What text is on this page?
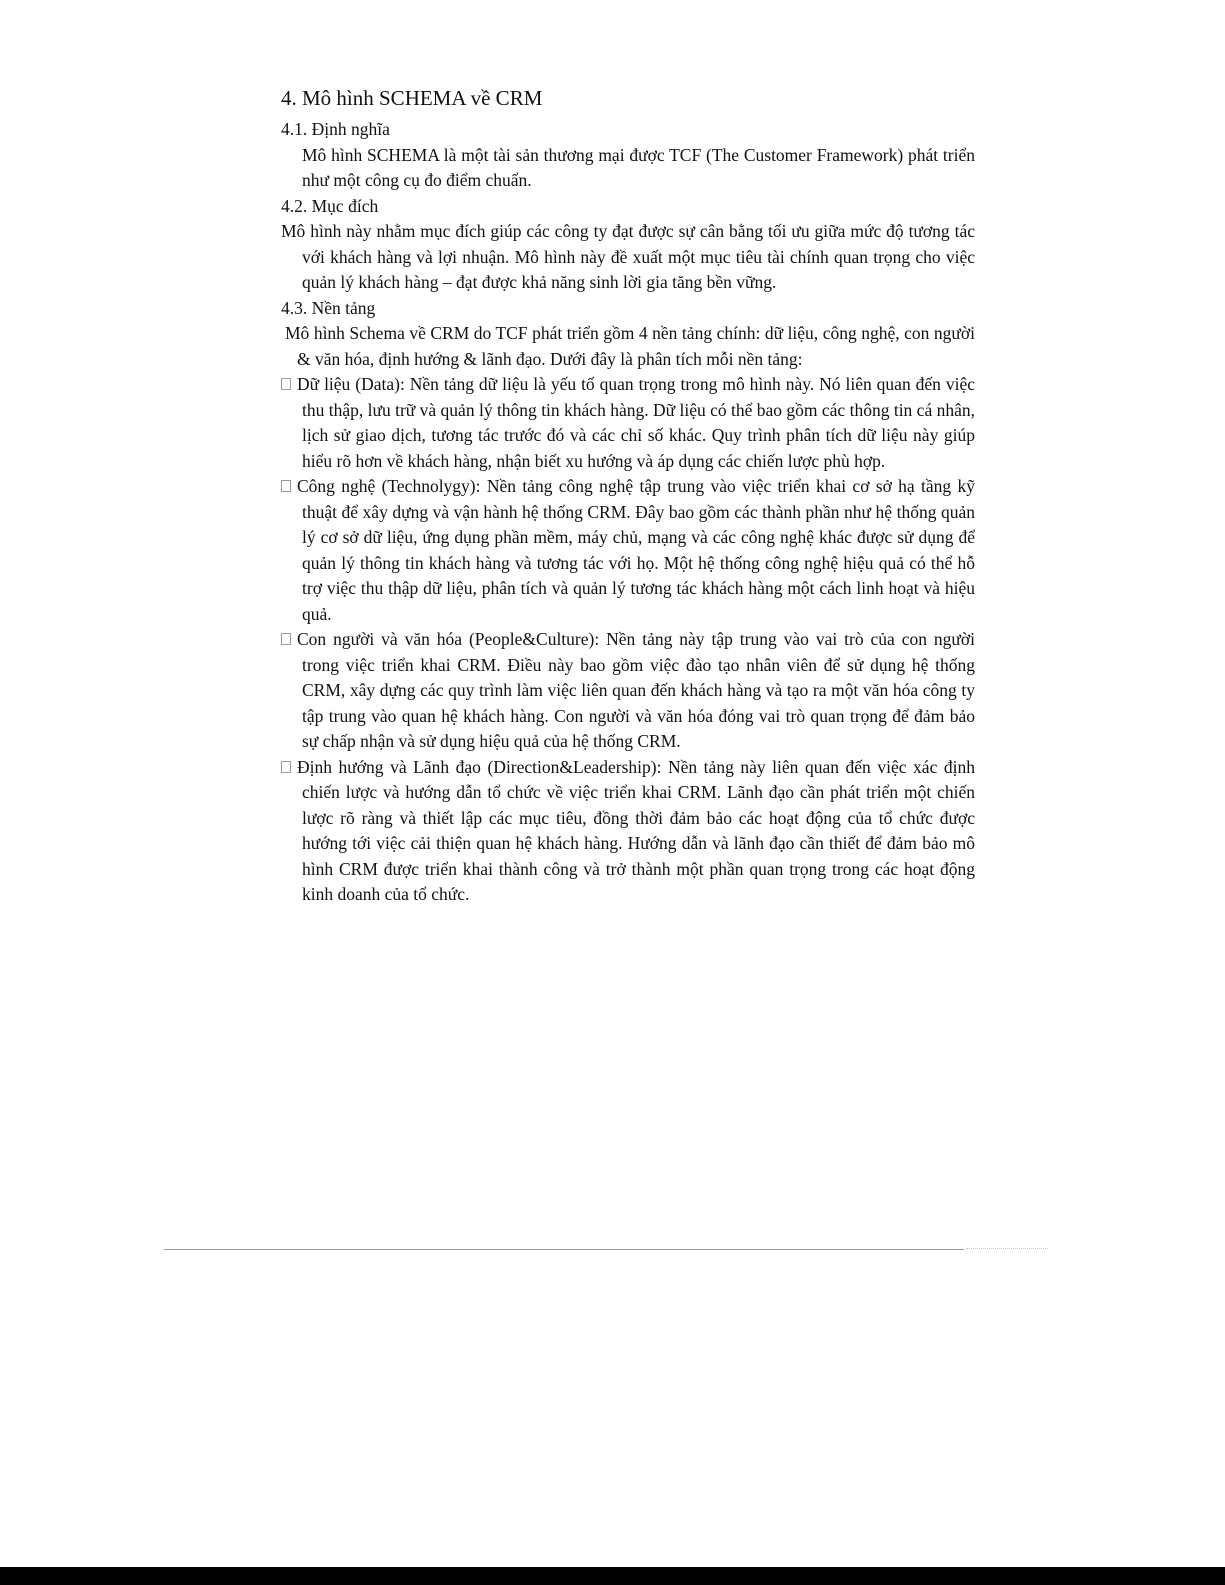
4. Mô hình SCHEMA về CRM
4.1. Định nghĩa

Mô hình SCHEMA là một tài sản thương mại được TCF (The Customer Framework) phát triển như một công cụ đo điểm chuẩn.

4.2. Mục đích

Mô hình này nhằm mục đích giúp các công ty đạt được sự cân bằng tối ưu giữa mức độ tương tác với khách hàng và lợi nhuận. Mô hình này đề xuất một mục tiêu tài chính quan trọng cho việc quản lý khách hàng – đạt được khả năng sinh lời gia tăng bền vững.

4.3. Nền tảng

Mô hình Schema về CRM do TCF phát triển gồm 4 nền tảng chính: dữ liệu, công nghệ, con người & văn hóa, định hướng & lãnh đạo. Dưới đây là phân tích mỗi nền tảng:

Dữ liệu (Data): Nền tảng dữ liệu là yếu tố quan trọng trong mô hình này. Nó liên quan đến việc thu thập, lưu trữ và quản lý thông tin khách hàng. Dữ liệu có thể bao gồm các thông tin cá nhân, lịch sử giao dịch, tương tác trước đó và các chỉ số khác. Quy trình phân tích dữ liệu này giúp hiểu rõ hơn về khách hàng, nhận biết xu hướng và áp dụng các chiến lược phù hợp.

Công nghệ (Technolygy): Nền tảng công nghệ tập trung vào việc triển khai cơ sở hạ tầng kỹ thuật để xây dựng và vận hành hệ thống CRM. Đây bao gồm các thành phần như hệ thống quản lý cơ sở dữ liệu, ứng dụng phần mềm, máy chủ, mạng và các công nghệ khác được sử dụng để quản lý thông tin khách hàng và tương tác với họ. Một hệ thống công nghệ hiệu quả có thể hỗ trợ việc thu thập dữ liệu, phân tích và quản lý tương tác khách hàng một cách linh hoạt và hiệu quả.

Con người và văn hóa (People&Culture): Nền tảng này tập trung vào vai trò của con người trong việc triển khai CRM. Điều này bao gồm việc đào tạo nhân viên để sử dụng hệ thống CRM, xây dựng các quy trình làm việc liên quan đến khách hàng và tạo ra một văn hóa công ty tập trung vào quan hệ khách hàng. Con người và văn hóa đóng vai trò quan trọng để đảm bảo sự chấp nhận và sử dụng hiệu quả của hệ thống CRM.

Định hướng và Lãnh đạo (Direction&Leadership): Nền tảng này liên quan đến việc xác định chiến lược và hướng dẫn tổ chức về việc triển khai CRM. Lãnh đạo cần phát triển một chiến lược rõ ràng và thiết lập các mục tiêu, đồng thời đảm bảo các hoạt động của tổ chức được hướng tới việc cải thiện quan hệ khách hàng. Hướng dẫn và lãnh đạo cần thiết để đảm bảo mô hình CRM được triển khai thành công và trở thành một phần quan trọng trong các hoạt động kinh doanh của tổ chức.
